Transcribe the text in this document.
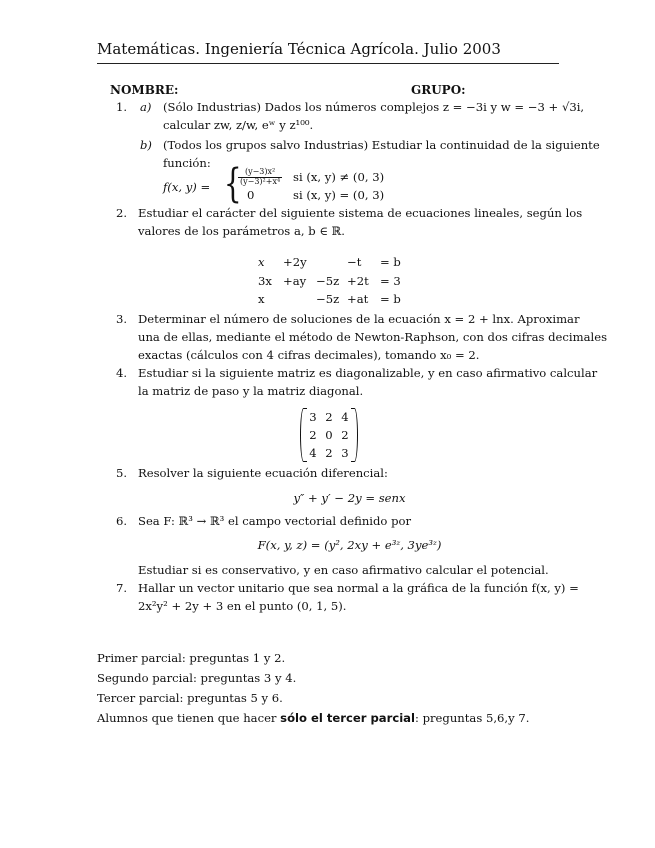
Matemáticas. Ingeniería Técnica Agrícola. Julio 2003
NOMBRE:	GRUPO:
1. a) (Sólo Industrias) Dados los números complejos z = −3i y w = −3 + √3i,
calcular zw, z/w, eʷ y z¹⁰⁰.
b) (Todos los grupos salvo Industrias) Estudiar la continuidad de la siguiente
función:
f(x, y) = {
$\frac{\text{(y−3)x²}}{\text{(y−3)²+x⁴}}$ si (x, y) ≠ (0, 3)
0	si (x, y) = (0, 3)
2. Estudiar el carácter del siguiente sistema de ecuaciones lineales, según los
valores de los parámetros a, b ∈ ℝ.
x +2y	−t = b
3x +ay −5z +2t = 3
x	−5z +at = b
3. Determinar el número de soluciones de la ecuación x = 2 + lnx. Aproximar
una de ellas, mediante el método de Newton-Raphson, con dos cifras decimales
exactas (cálculos con 4 cifras decimales), tomando x₀ = 2.
4. Estudiar si la siguiente matriz es diagonalizable, y en caso afirmativo calcular
la matriz de paso y la matriz diagonal.
3 2 4
2 0 2
4 2 3
5. Resolver la siguiente ecuación diferencial:
y″ + y′ − 2y = senx
6. Sea F: ℝ³ → ℝ³ el campo vectorial definido por
F(x, y, z) = (y², 2xy + e³ᶻ, 3ye³ᶻ)
Estudiar si es conservativo, y en caso afirmativo calcular el potencial.
7. Hallar un vector unitario que sea normal a la gráfica de la función f(x, y) =
2x²y² + 2y + 3 en el punto (0, 1, 5).
Primer parcial: preguntas 1 y 2.
Segundo parcial: preguntas 3 y 4.
Tercer parcial: preguntas 5 y 6.
Alumnos que tienen que hacer sólo el tercer parcial: preguntas 5,6,y 7.
